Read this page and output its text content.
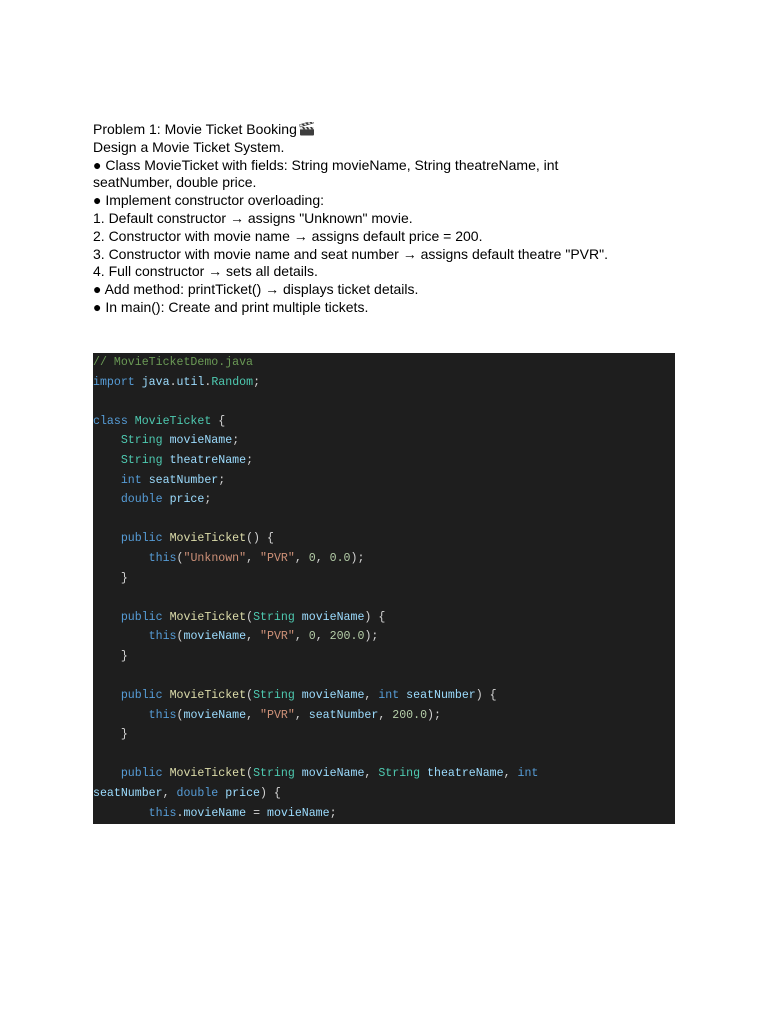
Problem 1: Movie Ticket Booking
Design a Movie Ticket System.
● Class MovieTicket with fields: String movieName, String theatreName, int
seatNumber, double price.
● Implement constructor overloading:
1. Default constructor → assigns "Unknown" movie.
2. Constructor with movie name → assigns default price = 200.
3. Constructor with movie name and seat number → assigns default theatre "PVR".
4. Full constructor → sets all details.
● Add method: printTicket() → displays ticket details.
● In main(): Create and print multiple tickets.
// MovieTicketDemo.java
import java.util.Random;

class MovieTicket {
String movieName;
String theatreName;
int seatNumber;
double price;

public MovieTicket() {
this("Unknown", "PVR", 0, 0.0);
}

public MovieTicket(String movieName) {
this(movieName, "PVR", 0, 200.0);
}

public MovieTicket(String movieName, int seatNumber) {
this(movieName, "PVR", seatNumber, 200.0);
}

public MovieTicket(String movieName, String theatreName, int
seatNumber, double price) {
this.movieName = movieName;
